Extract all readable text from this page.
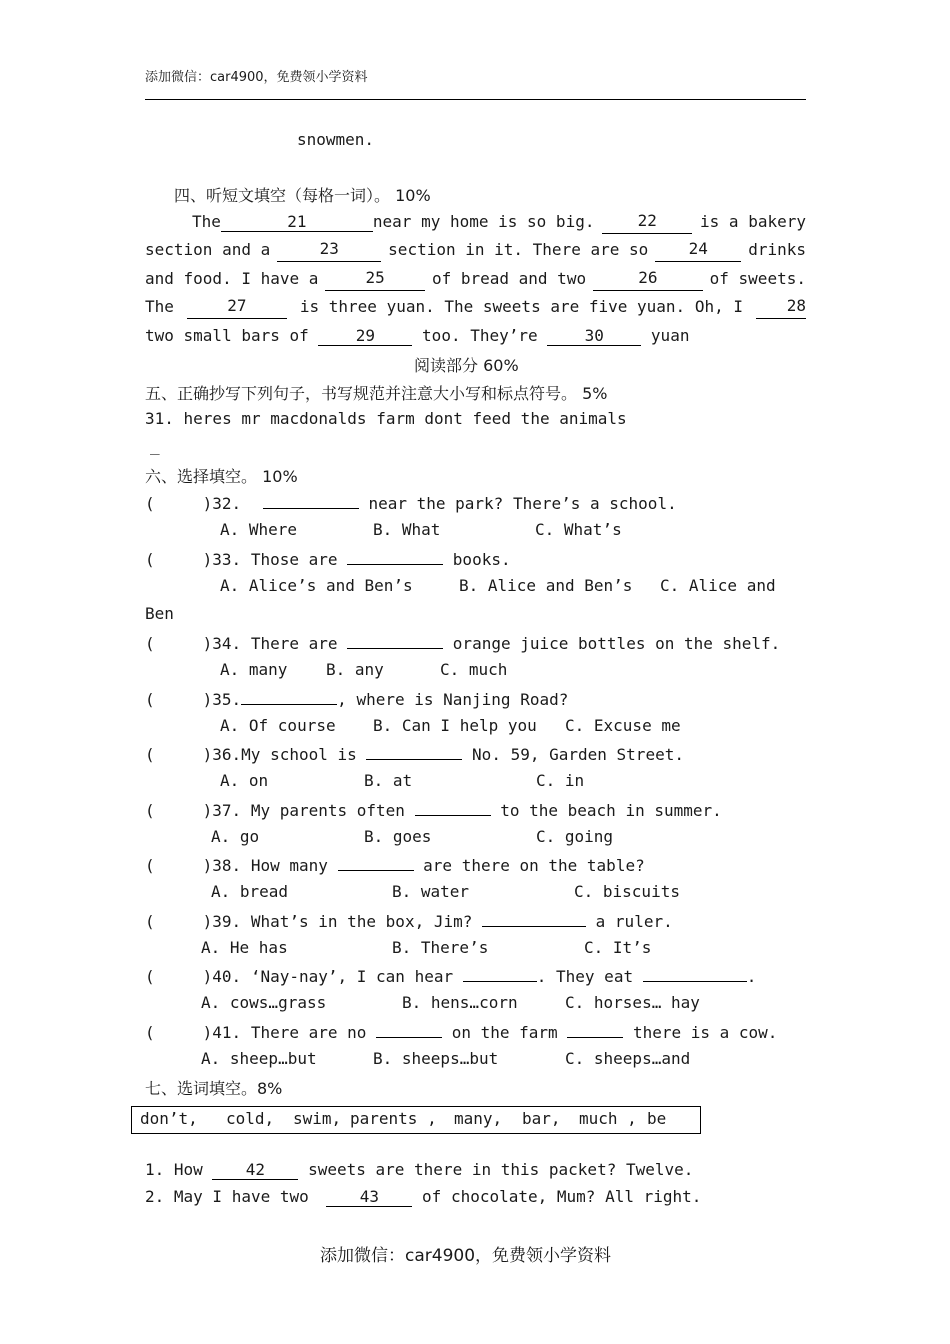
添加微信：car4900，免费领小学资料
snowmen.
四、听短文填空（每格一词）。 10%
The	21	near my home is so big.	22	is a bakery
section and a	23	section in it. There are so	24	drinks
and food. I have a	25	of bread and two	26	of sweets.
The	27	is three yuan. The sweets are five yuan. Oh, I	28
two small bars of	29	too. They’re	30	yuan
阅读部分 60%
五、正确抄写下列句子，书写规范并注意大小写和标点符号。 5%
31. heres mr macdonalds farm dont feed the animals
_
六、选择填空。 10%
(	)32.	near the park? There’s a school.
A. Where	B. What	C. What’s
(	)33. Those are	books.
A. Alice’s and Ben’s	B. Alice and Ben’s C. Alice and
Ben
(	)34. There are	orange juice bottles on the shelf.
A. many B. any	C. much
(	)35.	, where is Nanjing Road?
A. Of course B. Can I help you C. Excuse me
(	)36.My school is	No. 59, Garden Street.
A. on	B. at	C. in
(	)37. My parents often	to the beach in summer.
A. go	B. goes	C. going
(	)38. How many	are there on the table?
A. bread	B. water	C. biscuits
(	)39. What’s in the box, Jim?	a ruler.
A. He has	B. There’s	C. It’s
(	)40. ‘Nay-nay’, I can hear	. They eat	.
A. cows…grass	B. hens…corn	C. horses… hay
(	)41. There are no	on the farm	there is a cow.
A. sheep…but	B. sheeps…but	C. sheeps…and
七、选词填空。8%
don’t, cold, swim, parents , many, bar, much , be
1. How	42	sweets are there in this packet? Twelve.
2. May I have two	43	of chocolate, Mum? All right.
添加微信：car4900，免费领小学资料
